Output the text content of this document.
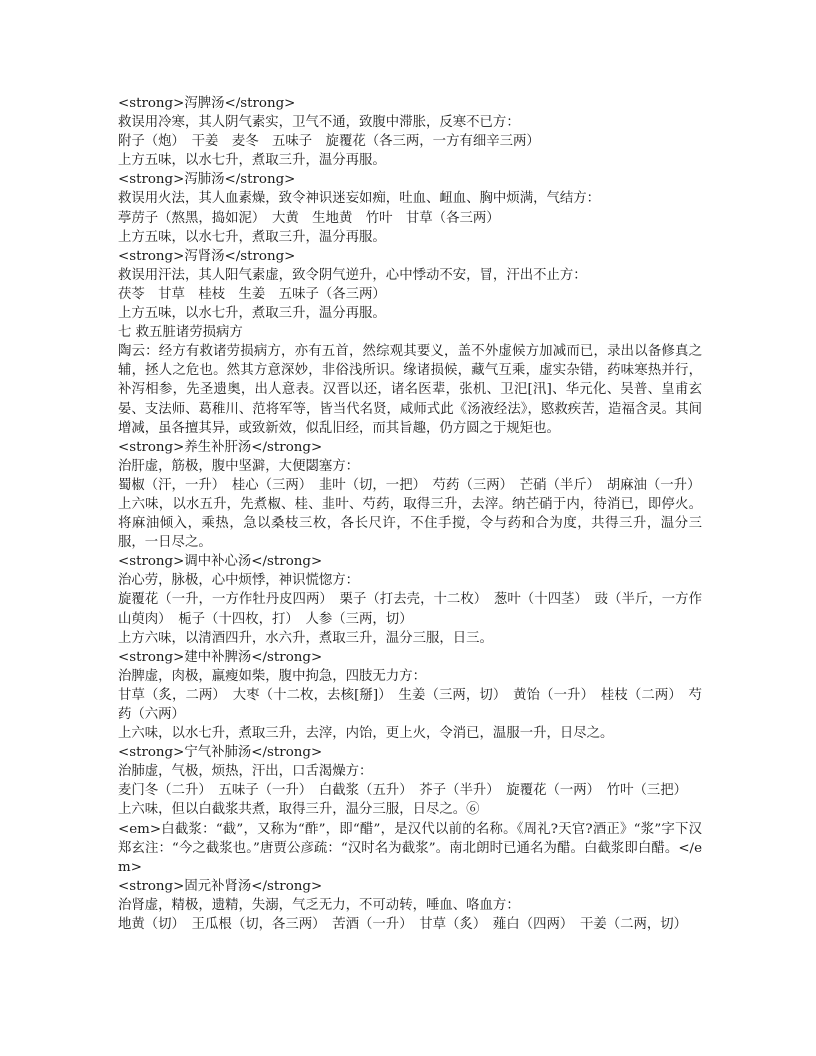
<strong>泻脾汤</strong>
救误用冷寒，其人阴气素实，卫气不通，致腹中滞胀，反寒不已方：
附子（炮）　干姜　麦冬　五味子　旋覆花（各三两，一方有细辛三两）
上方五味，以水七升，煮取三升，温分再服。
<strong>泻肺汤</strong>
救误用火法，其人血素燥，致令神识迷妄如痴，吐血、衄血、胸中烦满，气结方：
葶苈子（熬黑，捣如泥）　大黄　生地黄　竹叶　甘草（各三两）
上方五味，以水七升，煮取三升，温分再服。
<strong>泻肾汤</strong>
救误用汗法，其人阳气素虚，致令阴气逆升，心中悸动不安，冒，汗出不止方：
茯苓　甘草　桂枝　生姜　五味子（各三两）
上方五味，以水七升，煮取三升，温分再服。
七 救五脏诸劳损病方
陶云：经方有救诸劳损病方，亦有五首，然综观其要义，盖不外虚候方加减而已，录出以备修真之辅，拯人之危也。然其方意深妙，非俗浅所识。缘诸损候，藏气互乘，虚实杂错，药味寒热并行，补泻相参，先圣遗奥，出人意表。汉晋以还，诸名医辈，张机、卫汜[汛]、华元化、吴普、皇甫玄晏、支法师、葛稚川、范将军等，皆当代名贤，咸师式此《汤液经法》，愍救疾苦，造福含灵。其间增减，虽各擅其异，或致新效，似乱旧经，而其旨趣，仍方圆之于规矩也。
<strong>养生补肝汤</strong>
治肝虚，筋极，腹中坚澼，大便閟塞方：
蜀椒（汗，一升）　桂心（三两）　韭叶（切，一把）　芍药（三两）　芒硝（半斤）　胡麻油（一升）
上六味，以水五升，先煮椒、桂、韭叶、芍药，取得三升，去滓。纳芒硝于内，待消已，即停火。将麻油倾入，乘热，急以桑枝三枚，各长尺许，不住手搅，令与药和合为度，共得三升，温分三服，一日尽之。
<strong>调中补心汤</strong>
治心劳，脉极，心中烦悸，神识慌惚方：
旋覆花（一升，一方作牡丹皮四两）　栗子（打去壳，十二枚）　葱叶（十四茎）　豉（半斤，一方作山萸肉）　栀子（十四枚，打）　人参（三两，切）
上方六味，以清酒四升，水六升，煮取三升，温分三服，日三。
<strong>建中补脾汤</strong>
治脾虚，肉极，羸瘦如柴，腹中拘急，四肢无力方：
甘草（炙，二两）　大枣（十二枚，去核[掰]）　生姜（三两，切）　黄饴（一升）　桂枝（二两）　芍药（六两）
上六味，以水七升，煮取三升，去滓，内饴，更上火，令消已，温服一升，日尽之。
<strong>宁气补肺汤</strong>
治肺虚，气极，烦热，汗出，口舌渴燥方：
麦门冬（二升）　五味子（一升）　白截浆（五升）　芥子（半升）　旋覆花（一两）　竹叶（三把）
上六味，但以白截浆共煮，取得三升，温分三服，日尽之。⑥
<em>白截浆：“截”，又称为“酢”，即“醋”，是汉代以前的名称。《周礼?天官?酒正》“浆”字下汉郑玄注：“今之截浆也。”唐贾公彦疏：“汉时名为截浆”。南北朗时已通名为醋。白截浆即白醋。</em>
<strong>固元补肾汤</strong>
治肾虚，精极，遗精，失溺，气乏无力，不可动转，唾血、咯血方：
地黄（切）　王瓜根（切，各三两）　苦酒（一升）　甘草（炙）　薤白（四两）　干姜（二两，切）
